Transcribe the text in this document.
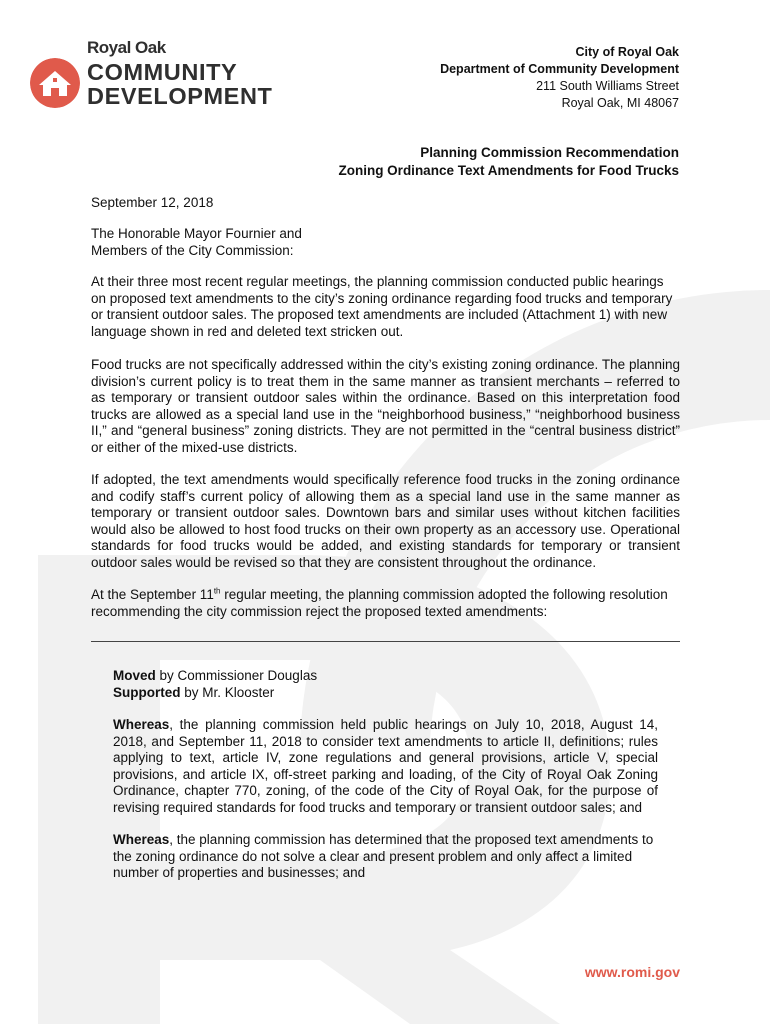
Royal Oak
COMMUNITY
DEVELOPMENT
City of Royal Oak
Department of Community Development
211 South Williams Street
Royal Oak, MI 48067
Planning Commission Recommendation
Zoning Ordinance Text Amendments for Food Trucks
September 12, 2018
The Honorable Mayor Fournier and
Members of the City Commission:

At their three most recent regular meetings, the planning commission conducted public hearings on proposed text amendments to the city’s zoning ordinance regarding food trucks and temporary or transient outdoor sales. The proposed text amendments are included (Attachment 1) with new language shown in red and deleted text stricken out.

Food trucks are not specifically addressed within the city’s existing zoning ordinance. The planning division’s current policy is to treat them in the same manner as transient merchants – referred to as temporary or transient outdoor sales within the ordinance. Based on this interpretation food trucks are allowed as a special land use in the “neighborhood business,” “neighborhood business II,” and “general business” zoning districts. They are not permitted in the “central business district” or either of the mixed-use districts.

If adopted, the text amendments would specifically reference food trucks in the zoning ordinance and codify staff’s current policy of allowing them as a special land use in the same manner as temporary or transient outdoor sales. Downtown bars and similar uses without kitchen facilities would also be allowed to host food trucks on their own property as an accessory use. Operational standards for food trucks would be added, and existing standards for temporary or transient outdoor sales would be revised so that they are consistent throughout the ordinance.

At the September 11th regular meeting, the planning commission adopted the following resolution recommending the city commission reject the proposed texted amendments:

Moved by Commissioner Douglas
Supported by Mr. Klooster

Whereas, the planning commission held public hearings on July 10, 2018, August 14, 2018, and September 11, 2018 to consider text amendments to article II, definitions; rules applying to text, article IV, zone regulations and general provisions, article V, special provisions, and article IX, off-street parking and loading, of the City of Royal Oak Zoning Ordinance, chapter 770, zoning, of the code of the City of Royal Oak, for the purpose of revising required standards for food trucks and temporary or transient outdoor sales; and

Whereas, the planning commission has determined that the proposed text amendments to the zoning ordinance do not solve a clear and present problem and only affect a limited number of properties and businesses; and

www.romi.gov
